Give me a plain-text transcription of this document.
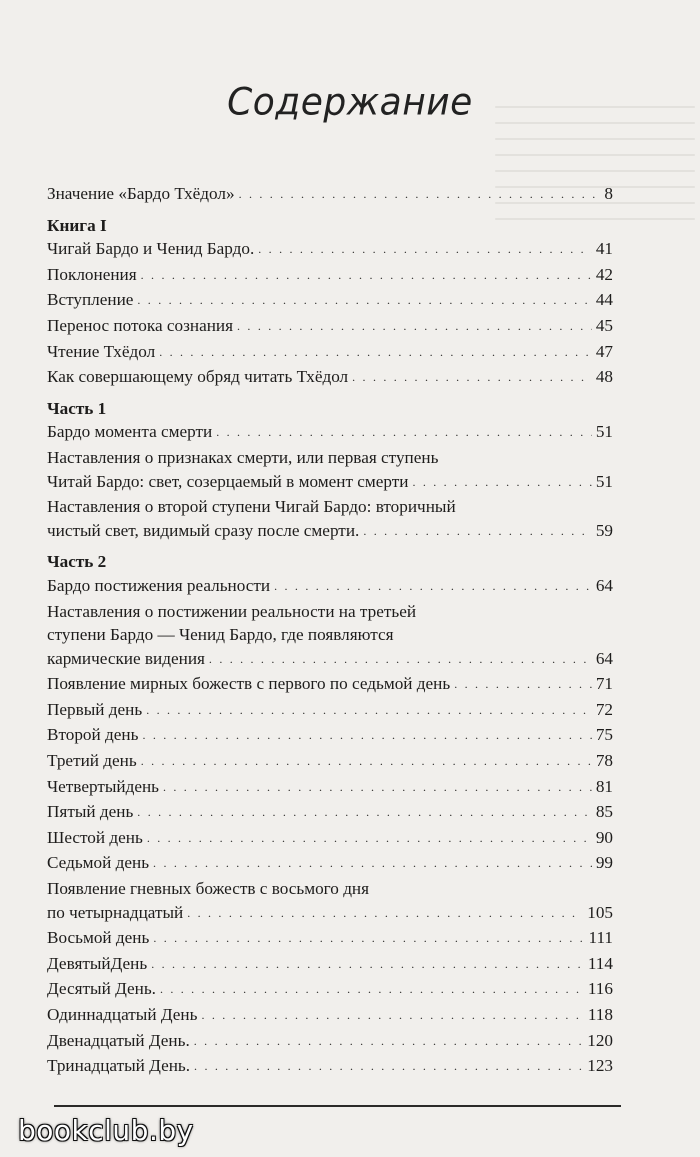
Содержание
Значение «Бардо Тхёдол» . . .	8
Книга I
Чигай Бардо и Ченид Бардо. . . .	41
Поклонения . . .	42
Вступление . . .	44
Перенос потока сознания . . .	45
Чтение Тхёдол . . .	47
Как совершающему обряд читать Тхёдол . . .	48
Часть 1
Бардо момента смерти . . .	51
Наставления о признаках смерти, или первая ступень
Читай Бардо: свет, созерцаемый в момент смерти . . .	51
Наставления о второй ступени Чигай Бардо: вторичный
чистый свет, видимый сразу после смерти. . . .	59
Часть 2
Бардо постижения реальности . . .	64
Наставления о постижении реальности на третьей
ступени Бардо — Ченид Бардо, где появляются
кармические видения . . .	64
Появление мирных божеств с первого по седьмой день . . .	71
Первый день . . .	72
Второй день . . .	75
Третий день . . .	78
Четвертыйдень . . .	81
Пятый день . . .	85
Шестой день . . .	90
Седьмой день . . .	99
Появление гневных божеств с восьмого дня
по четырнадцатый . . .	105
Восьмой день . . .	111
ДевятыйДень . . .	114
Десятый День. . . .	116
Одиннадцатый День . . .	118
Двенадцатый День. . . .	120
Тринадцатый День. . . .	123
bookclub.by
